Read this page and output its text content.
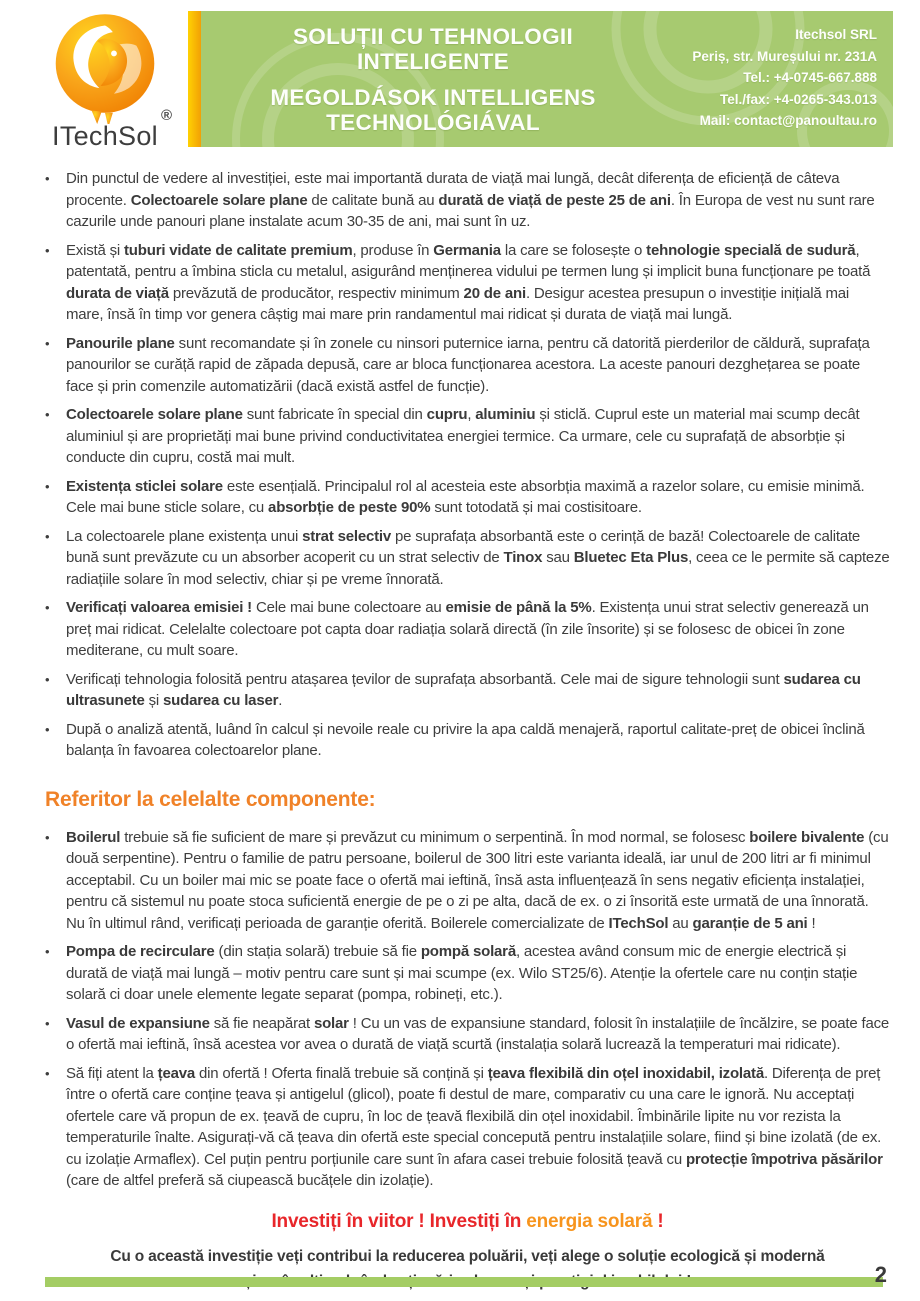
®
ITechSol
SOLUȚII CU TEHNOLOGII INTELIGENTE
MEGOLDÁSOK INTELLIGENS TECHNOLÓGIÁVAL
Itechsol SRL
Periș, str. Mureșului nr. 231A
Tel.: +4-0745-667.888
Tel./fax: +4-0265-343.013
Mail: contact@panoultau.ro
•	Din punctul de vedere al investiției, este mai importantă durata de viață mai lungă, decât diferența de eficiență de câteva procente. Colectoarele solare plane de calitate bună au durată de viață de peste 25 de ani. În Europa de vest nu sunt rare cazurile unde panouri plane instalate acum 30-35 de ani, mai sunt în uz.
•	Există și tuburi vidate de calitate premium, produse în Germania la care se folosește o tehnologie specială de sudură, patentată, pentru a îmbina sticla cu metalul, asigurând menținerea vidului pe termen lung și implicit buna funcționare pe toată durata de viață prevăzută de producător, respectiv minimum 20 de ani. Desigur acestea presupun o investiție inițială mai mare, însă în timp vor genera câștig mai mare prin randamentul mai ridicat și durata de viață mai lungă.
•	Panourile plane sunt recomandate și în zonele cu ninsori puternice iarna, pentru că datorită pierderilor de căldură, suprafața panourilor se curăță rapid de zăpada depusă, care ar bloca funcționarea acestora. La aceste panouri dezghețarea se poate face și prin comenzile automatizării (dacă există astfel de funcție).
•	Colectoarele solare plane sunt fabricate în special din cupru, aluminiu și sticlă. Cuprul este un material mai scump decât aluminiul și are proprietăți mai bune privind conductivitatea energiei termice. Ca urmare, cele cu suprafață de absorbție și conducte din cupru, costă mai mult.
•	Existența sticlei solare este esențială. Principalul rol al acesteia este absorbția maximă a razelor solare, cu emisie minimă. Cele mai bune sticle solare, cu absorbție de peste 90% sunt totodată și mai costisitoare.
•	La colectoarele plane existența unui strat selectiv pe suprafața absorbantă este o cerință de bază! Colectoarele de calitate bună sunt prevăzute cu un absorber acoperit cu un strat selectiv de Tinox sau Bluetec Eta Plus, ceea ce le permite să capteze radiațiile solare în mod selectiv, chiar și pe vreme înnorată.
•	Verificați valoarea emisiei ! Cele mai bune colectoare au emisie de până la 5%. Existența unui strat selectiv generează un preț mai ridicat. Celelalte colectoare pot capta doar radiația solară directă (în zile însorite) și se folosesc de obicei în zone mediterane, cu mult soare.
•	Verificați tehnologia folosită pentru atașarea țevilor de suprafața absorbantă. Cele mai de sigure tehnologii sunt sudarea cu ultrasunete și sudarea cu laser.
•	După o analiză atentă, luând în calcul și nevoile reale cu privire la apa caldă menajeră, raportul calitate-preț de obicei înclină balanța în favoarea colectoarelor plane.
Referitor la celelalte componente:
•	Boilerul trebuie să fie suficient de mare și prevăzut cu minimum o serpentină. În mod normal, se folosesc boilere bivalente (cu două serpentine). Pentru o familie de patru persoane, boilerul de 300 litri este varianta ideală, iar unul de 200 litri ar fi minimul acceptabil. Cu un boiler mai mic se poate face o ofertă mai ieftină, însă asta influențează în sens negativ eficiența instalației, pentru că sistemul nu poate stoca suficientă energie de pe o zi pe alta, dacă de ex. o zi însorită este urmată de una înnorată. Nu în ultimul rând, verificați perioada de garanție oferită. Boilerele comercializate de ITechSol au garanție de 5 ani !
•	Pompa de recirculare (din stația solară) trebuie să fie pompă solară, acestea având consum mic de energie electrică și durată de viață mai lungă – motiv pentru care sunt și mai scumpe (ex. Wilo ST25/6). Atenție la ofertele care nu conțin stație solară ci doar unele elemente legate separat (pompa, robineți, etc.).
•	Vasul de expansiune să fie neapărat solar ! Cu un vas de expansiune standard, folosit în instalațiile de încălzire, se poate face o ofertă mai ieftină, însă acestea vor avea o durată de viață scurtă (instalația solară lucrează la temperaturi mai ridicate).
•	Să fiți atent la țeava din ofertă ! Oferta finală trebuie să conțină și țeava flexibilă din oțel inoxidabil, izolată. Diferența de preț între o ofertă care conține țeava și antigelul (glicol), poate fi destul de mare, comparativ cu una care le ignoră. Nu acceptați ofertele care vă propun de ex. țeavă de cupru, în loc de țeavă flexibilă din oțel inoxidabil. Îmbinările lipite nu vor rezista la temperaturile înalte. Asigurați-vă că țeava din ofertă este special concepută pentru instalațiile solare, fiind și bine izolată (de ex. cu izolație Armaflex). Cel puțin pentru porțiunile care sunt în afara casei trebuie folosită țeavă cu protecție împotriva păsărilor (care de altfel preferă să ciupească bucățele din izolație).

Investiți în viitor ! Investiți în energia solară !

Cu o această investiție veți contribui la reducerea poluării, veți alege o soluție ecologică și modernă

2
